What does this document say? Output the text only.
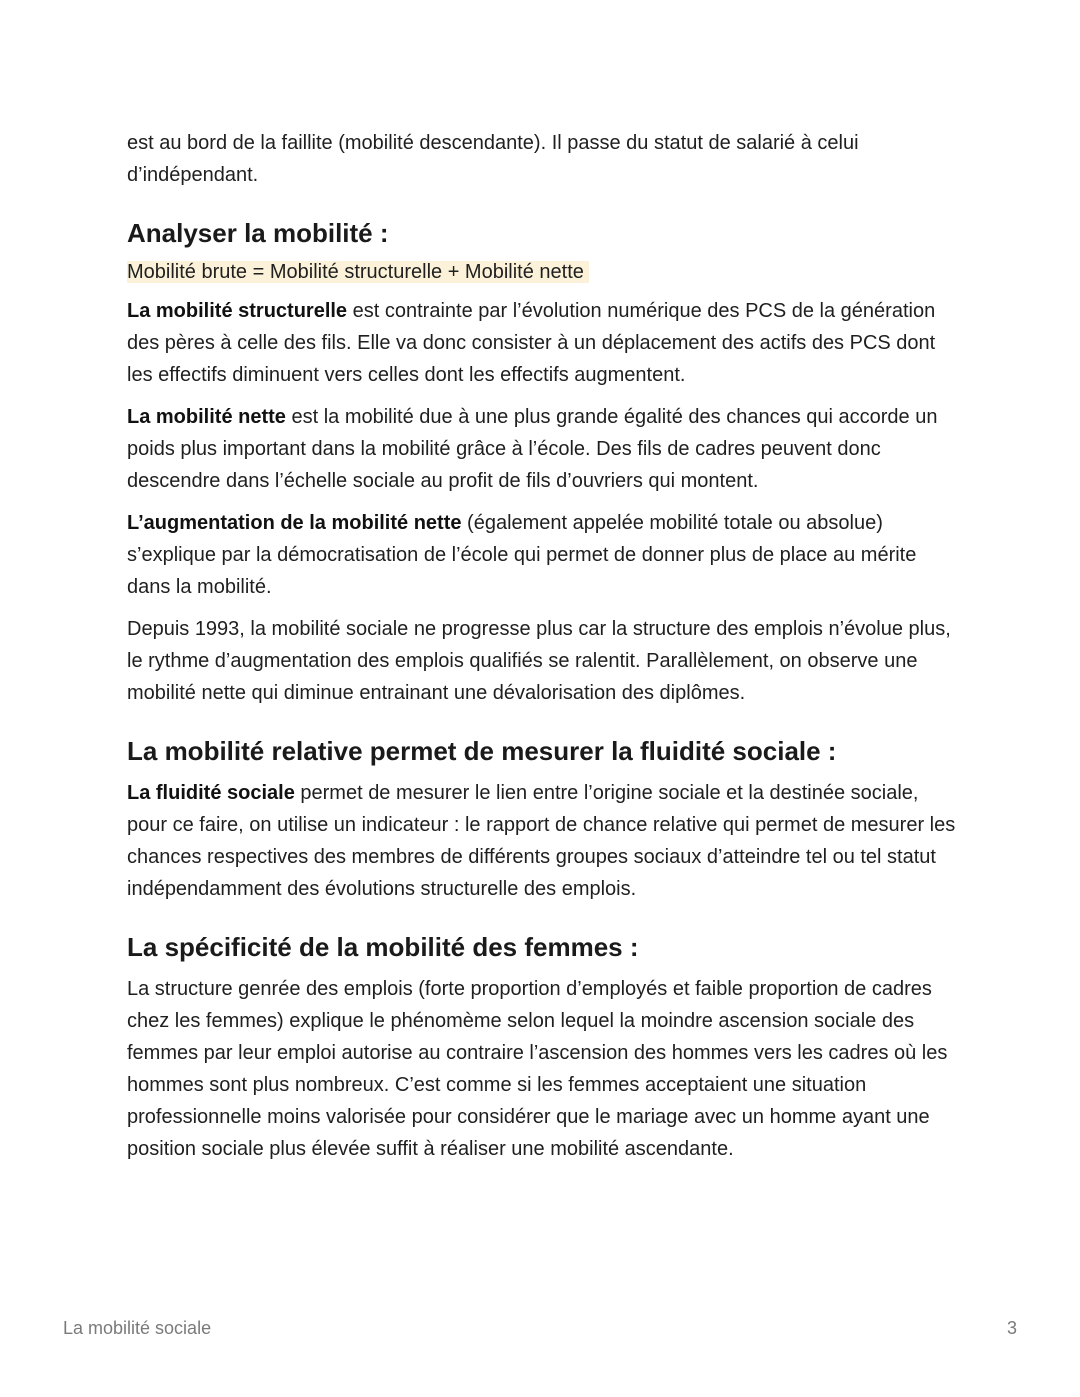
est au bord de la faillite (mobilité descendante). Il passe du statut de salarié à celui d’indépendant.

Analyser la mobilité :
Mobilité brute = Mobilité structurelle + Mobilité nette

La mobilité structurelle est contrainte par l’évolution numérique des PCS de la génération des pères à celle des fils. Elle va donc consister à un déplacement des actifs des PCS dont les effectifs diminuent vers celles dont les effectifs augmentent.

La mobilité nette est la mobilité due à une plus grande égalité des chances qui accorde un poids plus important dans la mobilité grâce à l’école. Des fils de cadres peuvent donc descendre dans l’échelle sociale au profit de fils d’ouvriers qui montent.

L’augmentation de la mobilité nette (également appelée mobilité totale ou absolue) s’explique par la démocratisation de l’école qui permet de donner plus de place au mérite dans la mobilité.

Depuis 1993, la mobilité sociale ne progresse plus car la structure des emplois n’évolue plus, le rythme d’augmentation des emplois qualifiés se ralentit. Parallèlement, on observe une mobilité nette qui diminue entrainant une dévalorisation des diplômes.

La mobilité relative permet de mesurer la fluidité sociale :

La fluidité sociale permet de mesurer le lien entre l’origine sociale et la destinée sociale, pour ce faire, on utilise un indicateur : le rapport de chance relative qui permet de mesurer les chances respectives des membres de différents groupes sociaux d’atteindre tel ou tel statut indépendamment des évolutions structurelle des emplois.

La spécificité de la mobilité des femmes :

La structure genrée des emplois (forte proportion d’employés et faible proportion de cadres chez les femmes) explique le phénomème selon lequel la moindre ascension sociale des femmes par leur emploi autorise au contraire l’ascension des hommes vers les cadres où les hommes sont plus nombreux. C’est comme si les femmes acceptaient une situation professionnelle moins valorisée pour considérer que le mariage avec un homme ayant une position sociale plus élevée suffit à réaliser une mobilité ascendante.

La mobilité sociale	3
